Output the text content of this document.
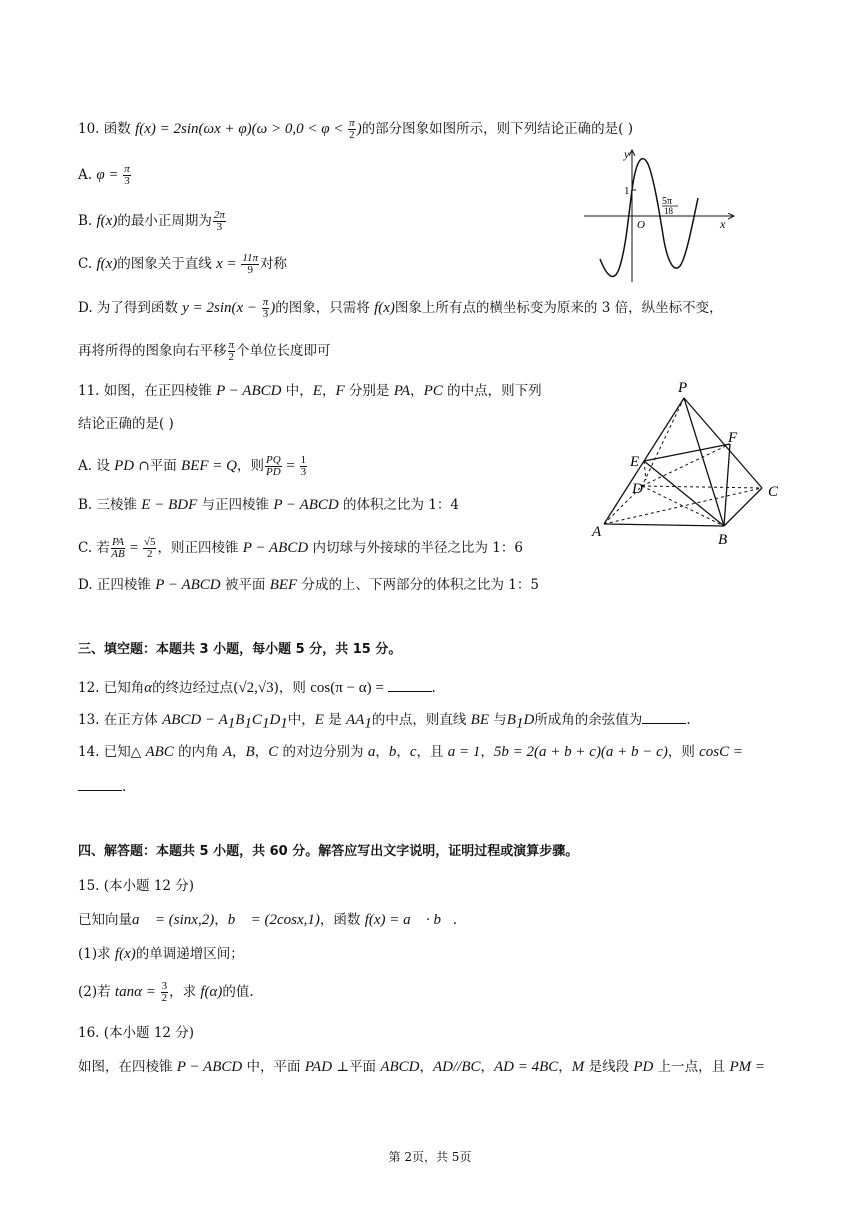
10. 函数 $f(x) = 2\sin(\omega x + \varphi)(\omega > 0,0 < \varphi < \frac{\pi}{2}$ )的部分图象如图所示，则下列结论正确的是( )
A. $\varphi = \frac{\pi}{3}$
B. f(x)的最小正周期为 $\frac{2\pi}{3}$
C. f(x)的图象关于直线 $x = \frac{11\pi}{9}$ 对称
D. 为了得到函数 $y = 2\sin(x - \frac{\pi}{3}$ )的图象，只需将 f(x)图象上所有点的横坐标变为原来的 3 倍，纵坐标不变，
再将所得的图象向右平移 $\frac{\pi}{2}$ 个单位长度即可
y
x
1
O
5π
18
11. 如图，在正四棱锥 P − ABCD 中，E，F 分别是 PA，PC 的中点，则下列
结论正确的是( )
A. 设 PD ∩平面 BEF = Q，则 $\frac{PQ}{PD} = \frac{1}{3}$
B. 三棱锥 E − BDF 与正四棱锥 P − ABCD 的体积之比为 1：4
C. 若 $\frac{PA}{AB} = \frac{√5}{2}$ ，则正四棱锥 P − ABCD 内切球与外接球的半径之比为 1：6
D. 正四棱锥 P − ABCD 被平面 BEF 分成的上、下两部分的体积之比为 1：5
P
E
F
D	C
A	B
三、填空题：本题共 3 小题，每小题 5 分，共 15 分。
12. 已知角α的终边经过点(√2,√3)，则 cos(π − α) =	.
13. 在正方体 ABCD − $A_1B_1C_1D_1$中，E 是 $AA_1$的中点，则直线 BE 与$B_1D$所成角的余弦值为	.
14. 已知△ ABC 的内角 A，B，C 的对边分别为 a，b，c，且 a = 1，5b = 2(a + b + c)(a + b − c)，则 cosC =
.
四、解答题：本题共 5 小题，共 60 分。解答应写出文字说明，证明过程或演算步骤。
15. (本小题 12 分)
已知向量a⃗ = (sinx,2)，b⃗ = (2cosx,1)，函数 f(x) = a⃗ · b⃗.
(1)求 f(x)的单调递增区间；
(2)若 $\tan\alpha = \frac{3}{2}$ ，求 f(α)的值.
16. (本小题 12 分)
如图，在四棱锥 P − ABCD 中，平面 PAD ⊥平面 ABCD，AD//BC，AD = 4BC，M 是线段 PD 上一点，且 PM =
第 2页，共 5页
